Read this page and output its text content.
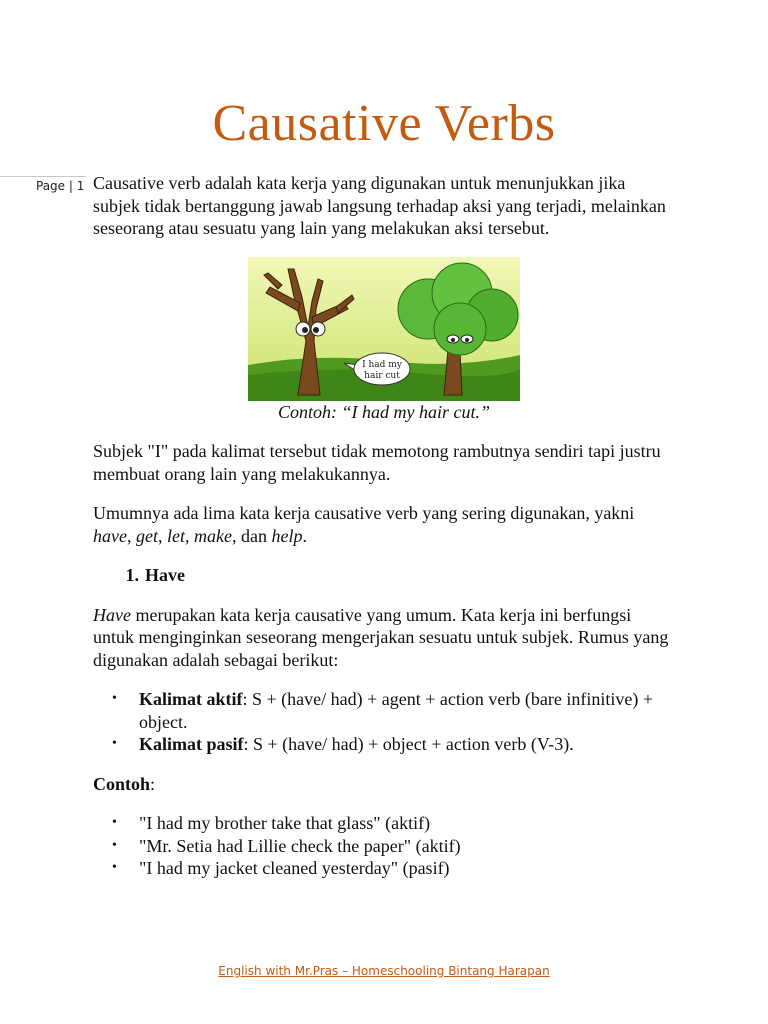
Causative Verbs
Page | 1 Causative verb adalah kata kerja yang digunakan untuk menunjukkan jika subjek tidak bertanggung jawab langsung terhadap aksi yang terjadi, melainkan seseorang atau sesuatu yang lain yang melakukan aksi tersebut.

I had my
hair cut

Contoh: “I had my hair cut.”

Subjek "I" pada kalimat tersebut tidak memotong rambutnya sendiri tapi justru membuat orang lain yang melakukannya.

Umumnya ada lima kata kerja causative verb yang sering digunakan, yakni have, get, let, make, dan help.

1. Have

Have merupakan kata kerja causative yang umum. Kata kerja ini berfungsi untuk menginginkan seseorang mengerjakan sesuatu untuk subjek. Rumus yang digunakan adalah sebagai berikut:

• Kalimat aktif: S + (have/ had) + agent + action verb (bare infinitive) + object.
• Kalimat pasif: S + (have/ had) + object + action verb (V-3).

Contoh:

• "I had my brother take that glass" (aktif)
• "Mr. Setia had Lillie check the paper" (aktif)
• "I had my jacket cleaned yesterday" (pasif)
English with Mr.Pras – Homeschooling Bintang Harapan
